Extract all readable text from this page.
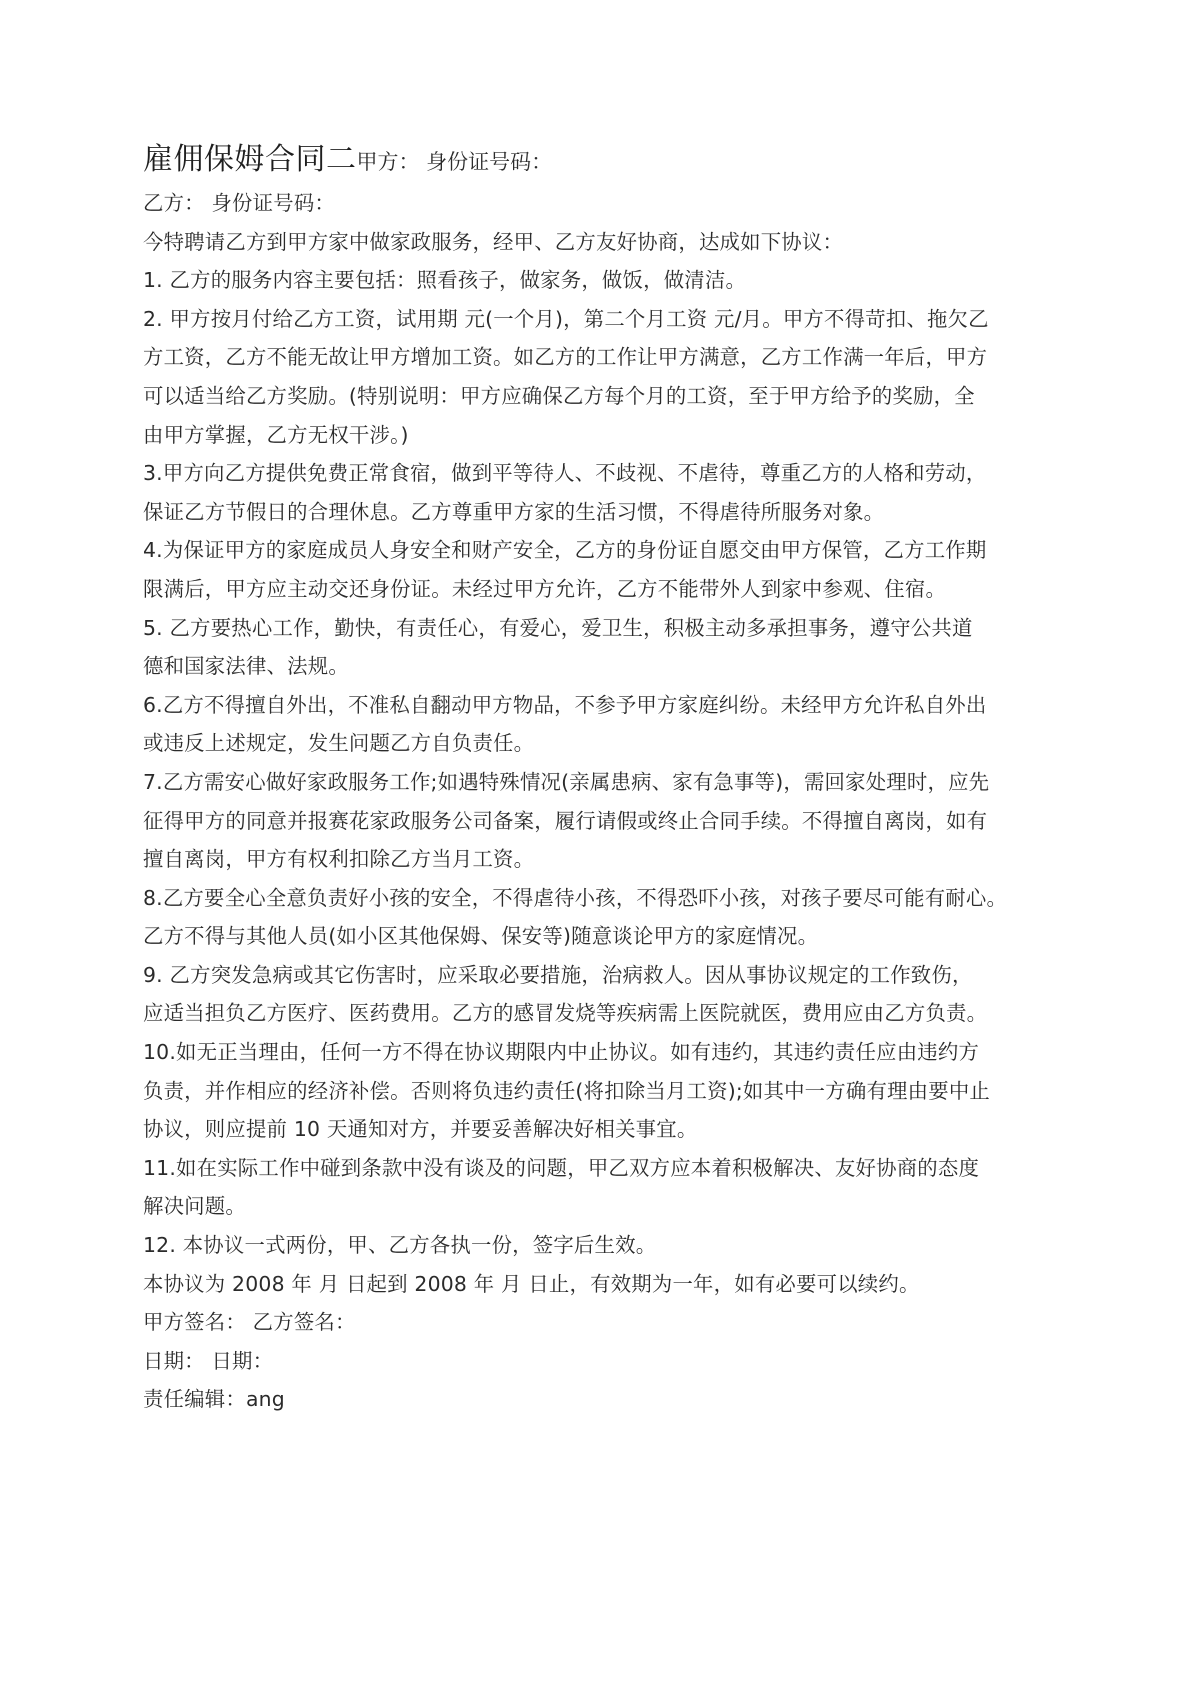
雇佣保姆合同二甲方： 身份证号码：
乙方： 身份证号码：
今特聘请乙方到甲方家中做家政服务，经甲、乙方友好协商，达成如下协议：
1. 乙方的服务内容主要包括：照看孩子，做家务，做饭，做清洁。
2. 甲方按月付给乙方工资，试用期 元(一个月)，第二个月工资 元/月。甲方不得苛扣、拖欠乙
方工资，乙方不能无故让甲方增加工资。如乙方的工作让甲方满意，乙方工作满一年后，甲方
可以适当给乙方奖励。(特别说明：甲方应确保乙方每个月的工资，至于甲方给予的奖励，全
由甲方掌握，乙方无权干涉。)
3.甲方向乙方提供免费正常食宿，做到平等待人、不歧视、不虐待，尊重乙方的人格和劳动，
保证乙方节假日的合理休息。乙方尊重甲方家的生活习惯，不得虐待所服务对象。
4.为保证甲方的家庭成员人身安全和财产安全，乙方的身份证自愿交由甲方保管，乙方工作期
限满后，甲方应主动交还身份证。未经过甲方允许，乙方不能带外人到家中参观、住宿。
5. 乙方要热心工作，勤快，有责任心，有爱心，爱卫生，积极主动多承担事务，遵守公共道
德和国家法律、法规。
6.乙方不得擅自外出，不准私自翻动甲方物品，不参予甲方家庭纠纷。未经甲方允许私自外出
或违反上述规定，发生问题乙方自负责任。
7.乙方需安心做好家政服务工作;如遇特殊情况(亲属患病、家有急事等)，需回家处理时，应先
征得甲方的同意并报赛花家政服务公司备案，履行请假或终止合同手续。不得擅自离岗，如有
擅自离岗，甲方有权利扣除乙方当月工资。
8.乙方要全心全意负责好小孩的安全，不得虐待小孩，不得恐吓小孩，对孩子要尽可能有耐心。
乙方不得与其他人员(如小区其他保姆、保安等)随意谈论甲方的家庭情况。
9. 乙方突发急病或其它伤害时，应采取必要措施，治病救人。因从事协议规定的工作致伤，
应适当担负乙方医疗、医药费用。乙方的感冒发烧等疾病需上医院就医，费用应由乙方负责。
10.如无正当理由，任何一方不得在协议期限内中止协议。如有违约，其违约责任应由违约方
负责，并作相应的经济补偿。否则将负违约责任(将扣除当月工资);如其中一方确有理由要中止
协议，则应提前 10 天通知对方，并要妥善解决好相关事宜。
11.如在实际工作中碰到条款中没有谈及的问题，甲乙双方应本着积极解决、友好协商的态度
解决问题。
12. 本协议一式两份，甲、乙方各执一份，签字后生效。
本协议为 2008 年 月 日起到 2008 年 月 日止，有效期为一年，如有必要可以续约。
甲方签名： 乙方签名：
日期： 日期：
责任编辑：ang
